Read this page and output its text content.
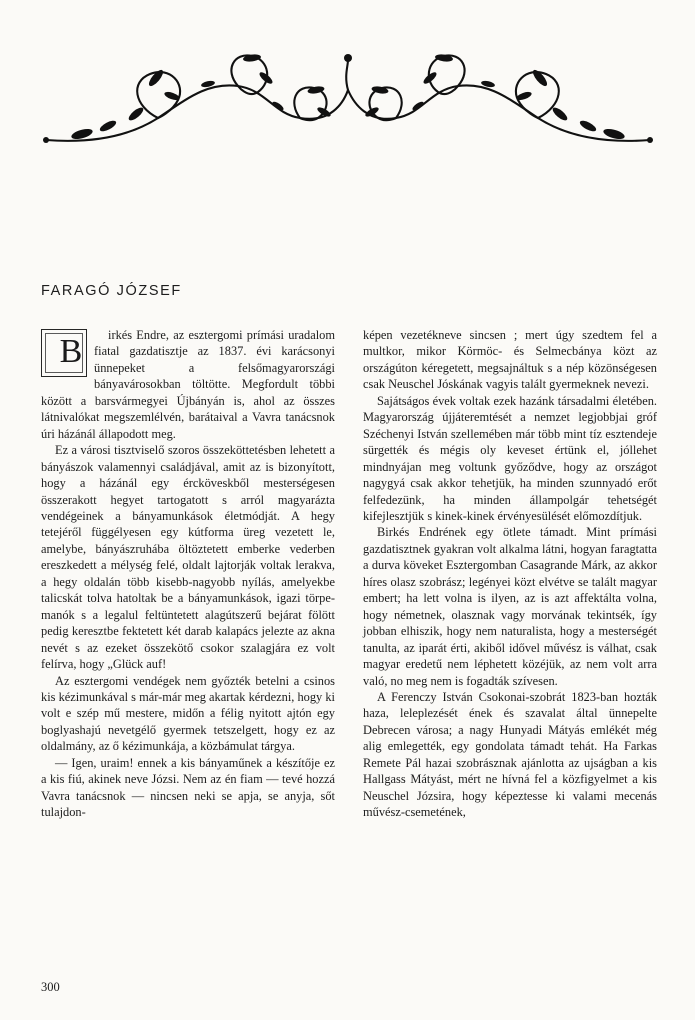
FARAGÓ JÓZSEF

B	irkés Endre, az esztergomi prímási uradalom fiatal gazdatisztje az 1837. évi karácsonyi ünnepeket a felsőmagyarországi bányavárosokban töltötte. Megfordult többi között a barsvármegyei Újbányán is, ahol az összes látnivalókat megszemlélvén, barátaival a Vavra tanácsnok úri házánál állapodott meg.

Ez a városi tisztviselő szoros összeköttetésben lehetett a bányászok valamennyi családjával, amit az is bizonyított, hogy a házánál egy ércköveskből mesterségesen összerakott hegyet tartogatott s arról magyarázta vendégeinek a bányamunkások életmódját. A hegy tetejéről függélyesen egy kútforma üreg vezetett le, amelybe, bányászruhába öltöztetett emberke vederben ereszkedett a mélység felé, oldalt lajtorják voltak lerakva, a hegy oldalán több kisebb-nagyobb nyílás, amelyekbe talicskát tolva hatoltak be a bányamunkások, igazi törpe-manók s a legalul feltüntetett alagútszerű bejárat fölött pedig keresztbe fektetett két darab kalapács jelezte az akna nevét s az ezeket összekötő csokor szalagjára ez volt felírva, hogy „Glück auf!

Az esztergomi vendégek nem győzték betelni a csinos kis kézimunkával s már-már meg akartak kérdezni, hogy ki volt e szép mű mestere, midőn a félig nyitott ajtón egy boglyashajú nevetgélő gyermek tetszelgett, hogy ez az oldalmány, az ő kézimunkája, a közbámulat tárgya.

— Igen, uraim! ennek a kis bányaműnek a készítője ez a kis fiú, akinek neve Józsi. Nem az én fiam — tevé hozzá Vavra tanácsnok — nincsen neki se apja, se anyja, sőt tulajdon-

képen vezetékneve sincsen ; mert úgy szedtem fel a multkor, mikor Körmöc- és Selmecbánya közt az országúton kéregetett, megsajnáltuk s a nép közönségesen csak Neuschel Jóskának vagyis talált gyermeknek nevezi.

Sajátságos évek voltak ezek hazánk társadalmi életében. Magyarország újjáteremtését a nemzet legjobbjai gróf Széchenyi István szellemében már több mint tíz esztendeje sürgették és mégis oly keveset értünk el, jóllehet mindnyájan meg voltunk győződve, hogy az országot nagygyá csak akkor tehetjük, ha minden szunnyadó erőt felfedezünk, ha minden állampolgár tehetségét kifejlesztjük s kinek-kinek érvényesülését előmozdítjuk.

Birkés Endrének egy ötlete támadt. Mint prímási gazdatisztnek gyakran volt alkalma látni, hogyan faragtatta a durva köveket Esztergomban Casagrande Márk, az akkor híres olasz szobrász; legényei közt elvétve se talált magyar embert; ha lett volna is ilyen, az is azt affektálta volna, hogy németnek, olasznak vagy morvának tekintsék, így jobban elhiszik, hogy nem naturalista, hogy a mesterségét tanulta, az iparát érti, akiből idővel művész is válhat, csak magyar eredetű nem léphetett közéjük, az nem volt arra való, no meg nem is fogadták szívesen.

A Ferenczy István Csokonai-szobrát 1823-ban hozták haza, leleplezését ének és szavalat által ünnepelte Debrecen városa; a nagy Hunyadi Mátyás emlékét még alig emlegették, egy gondolata támadt tehát. Ha Farkas Remete Pál hazai szobrásznak ajánlotta az ujságban a kis Hallgass Mátyást, mért ne hívná fel a közfigyelmet a kis Neuschel Józsira, hogy képeztesse ki valami mecenás művész-csemetének,

300
